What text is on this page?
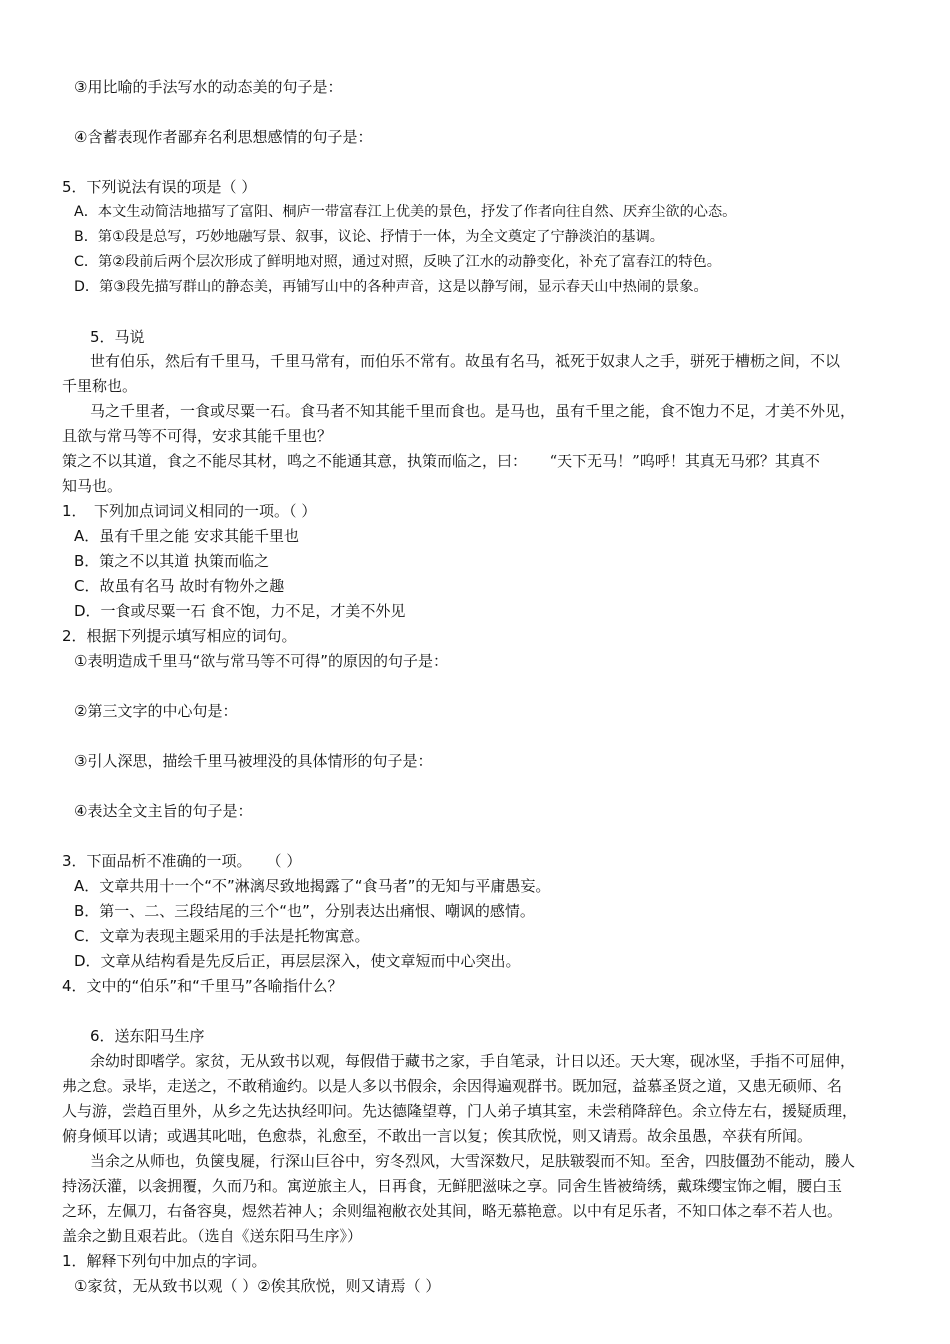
③用比喻的手法写水的动态美的句子是：
④含蓄表现作者鄙弃名利思想感情的句子是：
5．下列说法有误的项是（ ）
A．本文生动简洁地描写了富阳、桐庐一带富春江上优美的景色，抒发了作者向往自然、厌弃尘欲的心态。
B．第①段是总写，巧妙地融写景、叙事，议论、抒情于一体，为全文奠定了宁静淡泊的基调。
C．第②段前后两个层次形成了鲜明地对照，通过对照，反映了江水的动静变化，补充了富春江的特色。
D．第③段先描写群山的静态美，再铺写山中的各种声音，这是以静写闹，显示春天山中热闹的景象。
5．马说
世有伯乐，然后有千里马，千里马常有，而伯乐不常有。故虽有名马，祗死于奴隶人之手，骈死于槽枥之间，不以
千里称也。
马之千里者，一食或尽粟一石。食马者不知其能千里而食也。是马也，虽有千里之能，食不饱力不足，才美不外见，
且欲与常马等不可得，安求其能千里也？
策之不以其道，食之不能尽其材，鸣之不能通其意，执策而临之，曰：　　“天下无马！”呜呼！其真无马邪？其真不
知马也。
1．　下列加点词词义相同的一项。（ ）
A．虽有千里之能 安求其能千里也
B．策之不以其道 执策而临之
C．故虽有名马 故时有物外之趣
D．一食或尽粟一石 食不饱，力不足，才美不外见
2．根据下列提示填写相应的词句。
①表明造成千里马“欲与常马等不可得”的原因的句子是：
②第三文字的中心句是：
③引人深思，描绘千里马被埋没的具体情形的句子是：
④表达全文主旨的句子是：
3．下面品析不准确的一项。　　（ ）
A．文章共用十一个“不”淋漓尽致地揭露了“食马者”的无知与平庸愚妄。
B．第一、二、三段结尾的三个“也”，分别表达出痛恨、嘲讽的感情。
C．文章为表现主题采用的手法是托物寓意。
D．文章从结构看是先反后正，再层层深入，使文章短而中心突出。
4．文中的“伯乐”和“千里马”各喻指什么？
6．送东阳马生序
余幼时即嗜学。家贫，无从致书以观，每假借于藏书之家，手自笔录，计日以还。天大寒，砚冰坚，手指不可屈伸，
弗之怠。录毕，走送之，不敢稍逾约。以是人多以书假余，余因得遍观群书。既加冠，益慕圣贤之道，又患无硕师、名
人与游，尝趋百里外，从乡之先达执经叩问。先达德隆望尊，门人弟子填其室，未尝稍降辞色。余立侍左右，援疑质理，
俯身倾耳以请；或遇其叱咄，色愈恭，礼愈至，不敢出一言以复；俟其欣悦，则又请焉。故余虽愚，卒获有所闻。
当余之从师也，负箧曳屣，行深山巨谷中，穷冬烈风，大雪深数尺，足肤皲裂而不知。至舍，四肢僵劲不能动，媵人
持汤沃灌，以衾拥覆，久而乃和。寓逆旅主人，日再食，无鲜肥滋味之享。同舍生皆被绮绣，戴珠缨宝饰之帽，腰白玉
之环，左佩刀，右备容臭，煜然若神人；余则缊袍敝衣处其间，略无慕艳意。以中有足乐者，不知口体之奉不若人也。
盖余之勤且艰若此。（选自《送东阳马生序》）
1．解释下列句中加点的字词。
①家贫，无从致书以观（ ）②俟其欣悦，则又请焉（ ）
